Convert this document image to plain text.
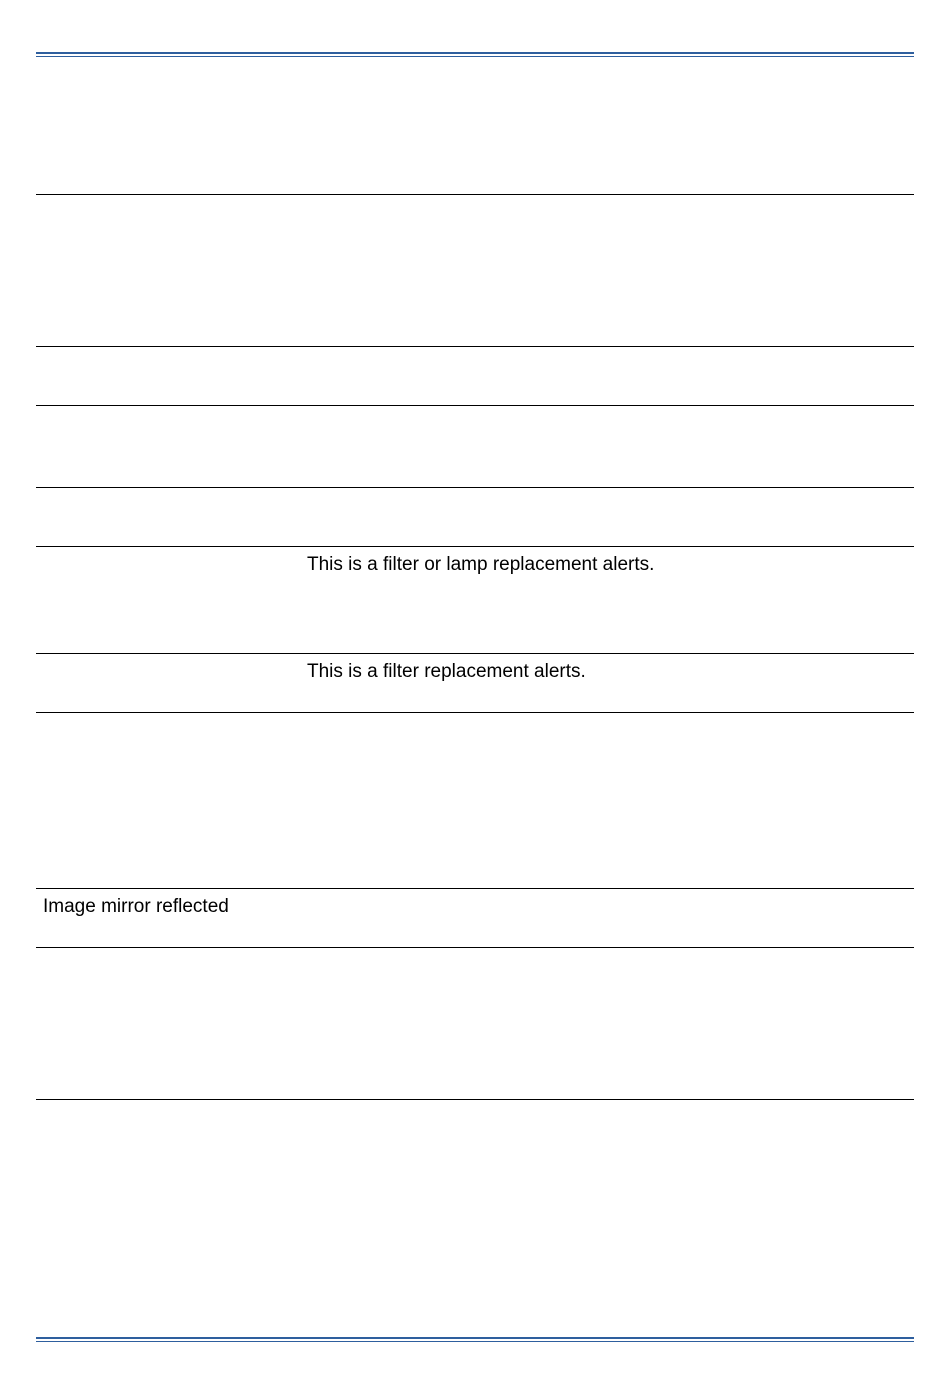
This is a filter or lamp replacement alerts.
This is a filter replacement alerts.
Image mirror reflected
